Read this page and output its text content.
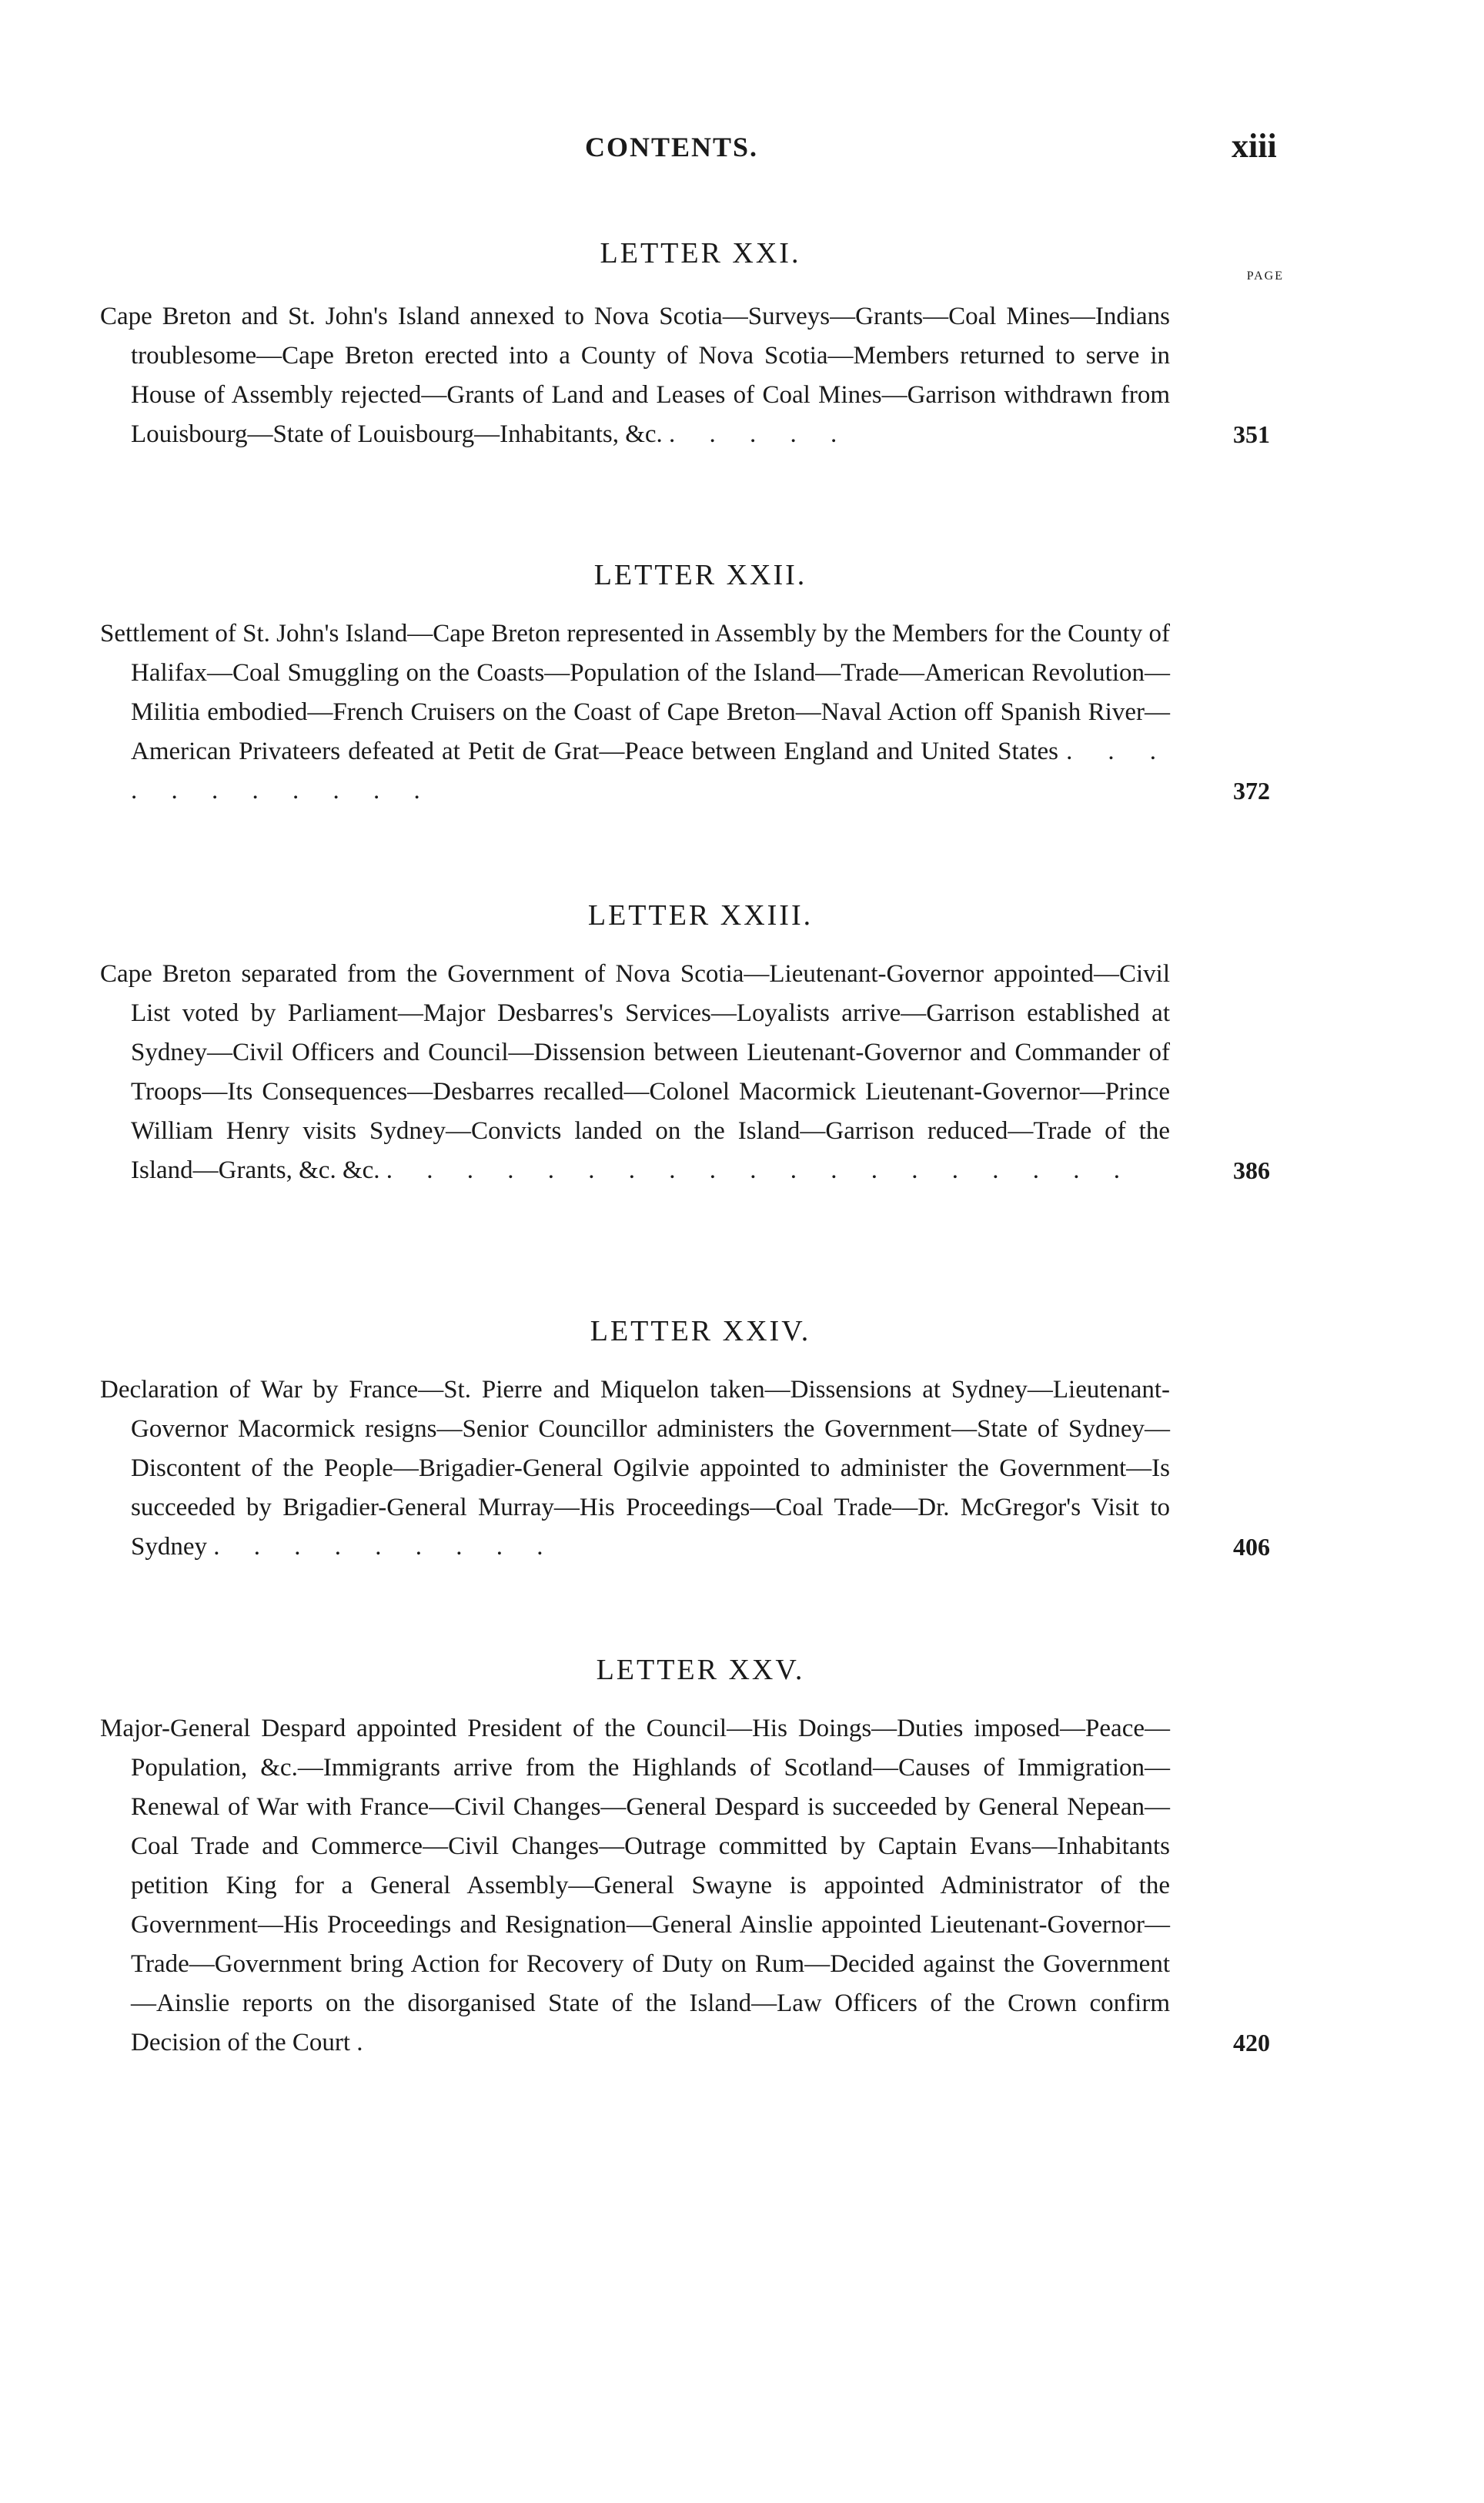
CONTENTS.	xiii
LETTER XXI.
PAGE
Cape Breton and St. John's Island annexed to Nova Scotia—Surveys—Grants—Coal Mines—Indians troublesome—Cape Breton erected into a County of Nova Scotia—Members returned to serve in House of Assembly rejected—Grants of Land and Leases of Coal Mines—Garrison withdrawn from Louisbourg—State of Louisbourg—Inhabitants, &c. . . . . .	351
LETTER XXII.
Settlement of St. John's Island—Cape Breton represented in Assembly by the Members for the County of Halifax—Coal Smuggling on the Coasts—Population of the Island—Trade—American Revolution—Militia embodied—French Cruisers on the Coast of Cape Breton—Naval Action off Spanish River—American Privateers defeated at Petit de Grat—Peace between England and United States . . . . . . . . . . .	372
LETTER XXIII.
Cape Breton separated from the Government of Nova Scotia—Lieutenant-Governor appointed—Civil List voted by Parliament—Major Desbarres's Services—Loyalists arrive—Garrison established at Sydney—Civil Officers and Council—Dissension between Lieutenant-Governor and Commander of Troops—Its Consequences—Desbarres recalled—Colonel Macormick Lieutenant-Governor—Prince William Henry visits Sydney—Convicts landed on the Island—Garrison reduced—Trade of the Island—Grants, &c. &c. . . . . . . . . . . . . . . . . . . .	386
LETTER XXIV.
Declaration of War by France—St. Pierre and Miquelon taken—Dissensions at Sydney—Lieutenant-Governor Macormick resigns—Senior Councillor administers the Government—State of Sydney—Discontent of the People—Brigadier-General Ogilvie appointed to administer the Government—Is succeeded by Brigadier-General Murray—His Proceedings—Coal Trade—Dr. McGregor's Visit to Sydney . . . . . . . . .	406
LETTER XXV.
Major-General Despard appointed President of the Council—His Doings—Duties imposed—Peace—Population, &c.—Immigrants arrive from the Highlands of Scotland—Causes of Immigration—Renewal of War with France—Civil Changes—General Despard is succeeded by General Nepean—Coal Trade and Commerce—Civil Changes—Outrage committed by Captain Evans—Inhabitants petition King for a General Assembly—General Swayne is appointed Administrator of the Government—His Proceedings and Resignation—General Ainslie appointed Lieutenant-Governor—Trade—Government bring Action for Recovery of Duty on Rum—Decided against the Government—Ainslie reports on the disorganised State of the Island—Law Officers of the Crown confirm Decision of the Court .	420
